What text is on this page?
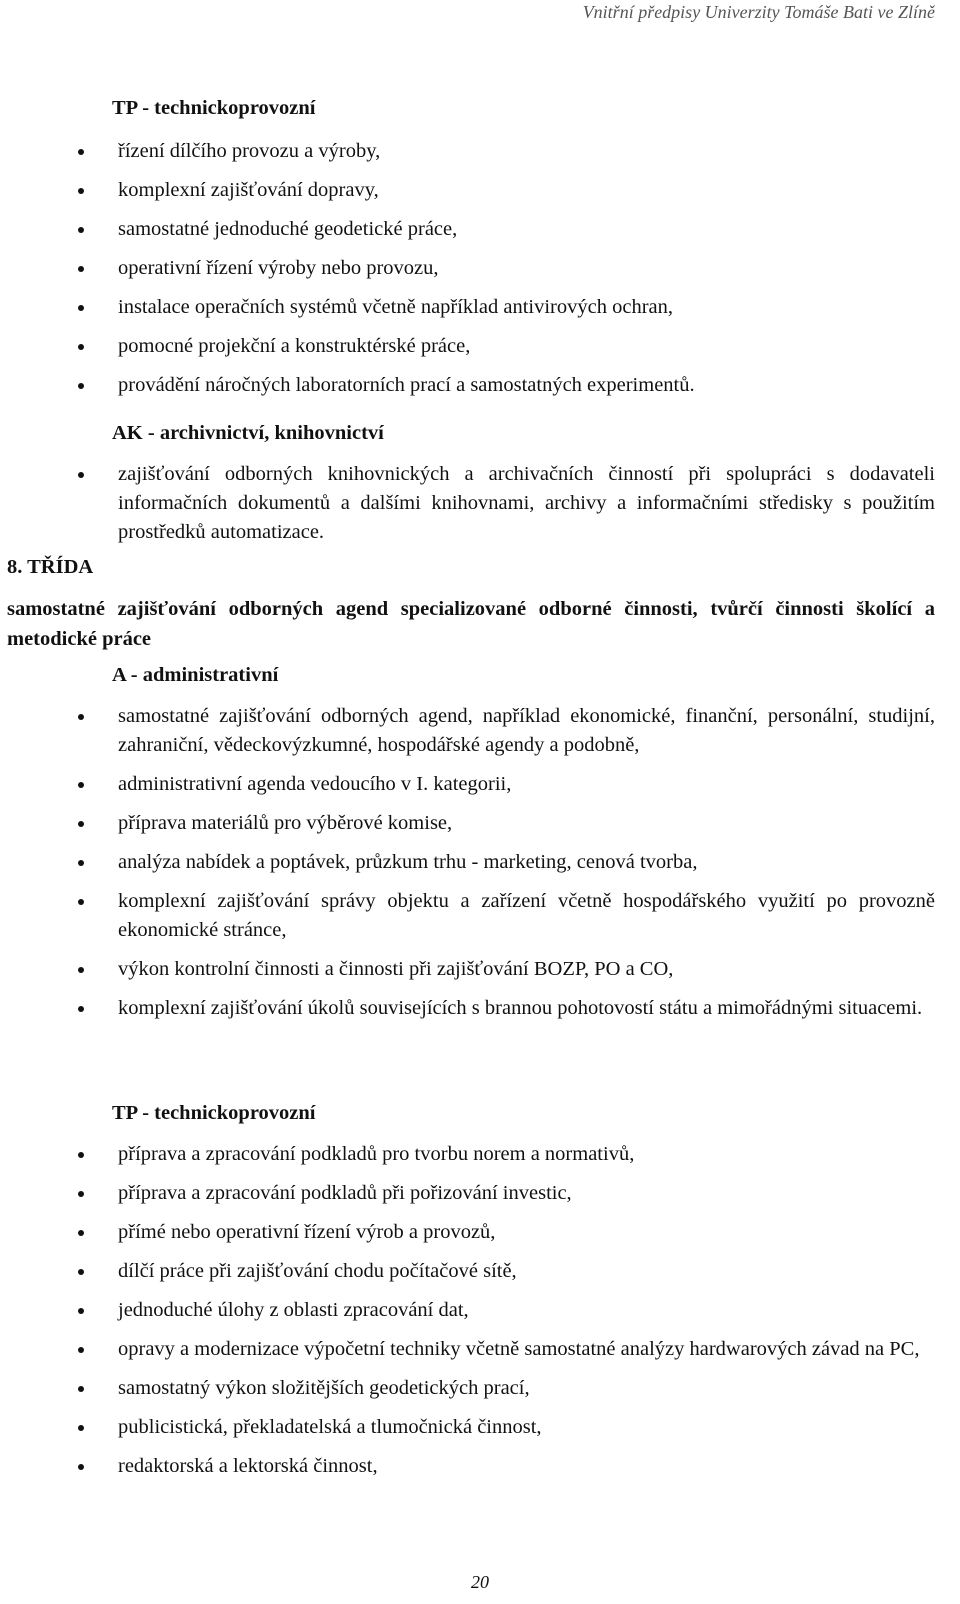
Vnitřní předpisy Univerzity Tomáše Bati ve Zlíně
TP - technickoprovozní
řízení dílčího provozu a výroby,
komplexní zajišťování dopravy,
samostatné jednoduché geodetické práce,
operativní řízení výroby nebo provozu,
instalace operačních systémů včetně například antivirových ochran,
pomocné projekční a konstruktérské práce,
provádění náročných laboratorních prací a samostatných experimentů.
AK - archivnictví, knihovnictví
zajišťování odborných knihovnických a archivačních činností při spolupráci s dodavateli informačních dokumentů a dalšími knihovnami, archivy a informačními středisky s použitím prostředků automatizace.
8. TŘÍDA
samostatné zajišťování odborných agend specializované odborné činnosti, tvůrčí činnosti školící a metodické práce
A - administrativní
samostatné zajišťování odborných agend, například ekonomické, finanční, personální, studijní, zahraniční, vědeckovýzkumné, hospodářské agendy a podobně,
administrativní agenda vedoucího v I. kategorii,
příprava materiálů pro výběrové komise,
analýza nabídek a poptávek, průzkum trhu - marketing, cenová tvorba,
komplexní zajišťování správy objektu a zařízení včetně hospodářského využití po provozně ekonomické stránce,
výkon kontrolní činnosti a činnosti při zajišťování BOZP, PO a CO,
komplexní zajišťování úkolů souvisejících s brannou pohotovostí státu a mimořádnými situacemi.
TP - technickoprovozní
příprava a zpracování podkladů pro tvorbu norem a normativů,
příprava a zpracování podkladů při pořizování investic,
přímé nebo operativní řízení výrob a provozů,
dílčí práce při zajišťování chodu počítačové sítě,
jednoduché úlohy z oblasti zpracování dat,
opravy a modernizace výpočetní techniky včetně samostatné analýzy hardwarových závad na PC,
samostatný výkon složitějších geodetických prací,
publicistická, překladatelská a tlumočnická činnost,
redaktorská a lektorská činnost,
20
